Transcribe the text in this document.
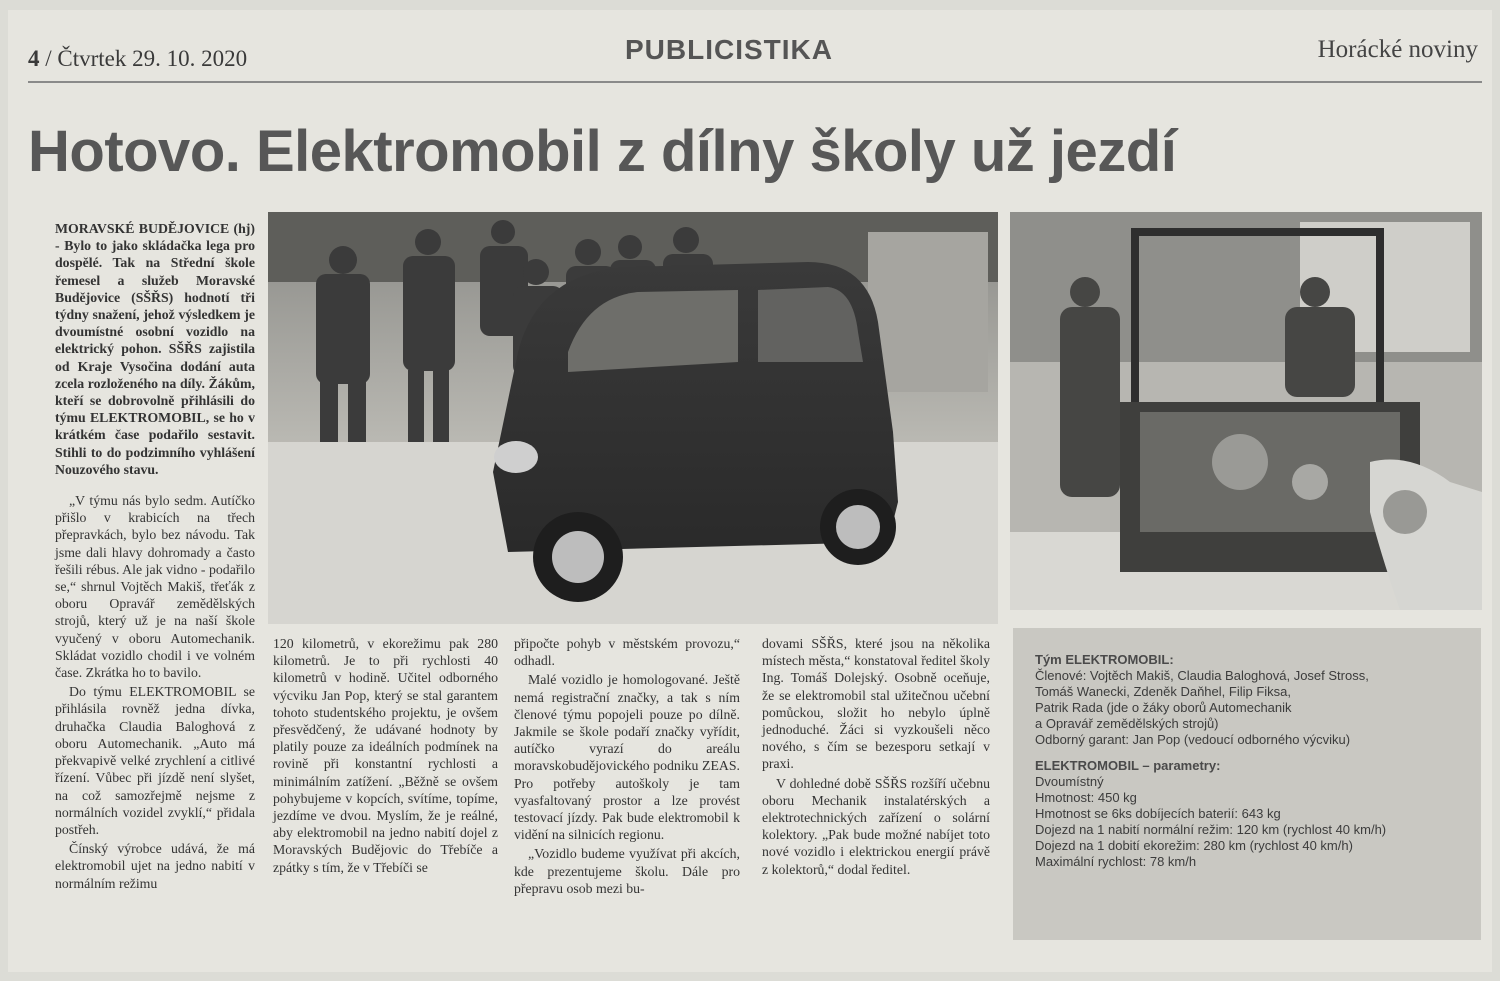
4 / Čtvrtek 29. 10. 2020	PUBLICISTIKA	Horácké noviny
Hotovo. Elektromobil z dílny školy už jezdí

MORAVSKÉ BUDĚJOVICE (hj) - Bylo to jako skládačka lega pro dospělé. Tak na Střední škole řemesel a služeb Moravské Budějovice (SŠŘS) hodnotí tři týdny snažení, jehož výsledkem je dvoumístné osobní vozidlo na elektrický pohon. SŠŘS zajistila od Kraje Vysočina dodání auta zcela rozloženého na díly. Žákům, kteří se dobrovolně přihlásili do týmu ELEKTROMOBIL, se ho v krátkém čase podařilo sestavit. Stihli to do podzimního vyhlášení Nouzového stavu.

„V týmu nás bylo sedm. Autíčko přišlo v krabicích na třech přepravkách, bylo bez návodu. Tak jsme dali hlavy dohromady a často řešili rébus. Ale jak vidno - podařilo se,“ shrnul Vojtěch Makiš, třeťák z oboru Opravář zemědělských strojů, který už je na naší škole vyučený v oboru Automechanik. Skládat vozidlo chodil i ve volném čase. Zkrátka ho to bavilo.

Do týmu ELEKTROMOBIL se přihlásila rovněž jedna dívka, druhačka Claudia Baloghová z oboru Automechanik. „Auto má překvapivě velké zrychlení a citlivé řízení. Vůbec při jízdě není slyšet, na což samozřejmě nejsme z normálních vozidel zvyklí,“ přidala postřeh.

Čínský výrobce udává, že má elektromobil ujet na jedno nabití v normálním režimu

120 kilometrů, v ekorežimu pak 280 kilometrů. Je to při rychlosti 40 kilometrů v hodině. Učitel odborného výcviku Jan Pop, který se stal garantem tohoto studentského projektu, je ovšem přesvědčený, že udávané hodnoty by platily pouze za ideálních podmínek na rovině při konstantní rychlosti a minimálním zatížení. „Běžně se ovšem pohybujeme v kopcích, svítíme, topíme, jezdíme ve dvou. Myslím, že je reálné, aby elektromobil na jedno nabití dojel z Moravských Budějovic do Třebíče a zpátky s tím, že v Třebíči se

připočte pohyb v městském provozu,“ odhadl.

Malé vozidlo je homologované. Ještě nemá registrační značky, a tak s ním členové týmu popojeli pouze po dílně. Jakmile se škole podaří značky vyřídit, autíčko vyrazí do areálu moravskobudějovického podniku ZEAS. Pro potřeby autoškoly je tam vyasfaltovaný prostor a lze provést testovací jízdy. Pak bude elektromobil k vidění na silnicích regionu.

„Vozidlo budeme využívat při akcích, kde prezentujeme školu. Dále pro přepravu osob mezi bu-

dovami SŠŘS, které jsou na několika místech města,“ konstatoval ředitel školy Ing. Tomáš Dolejský. Osobně oceňuje, že se elektromobil stal užitečnou učební pomůckou, složit ho nebylo úplně jednoduché. Žáci si vyzkoušeli něco nového, s čím se bezesporu setkají v praxi.

V dohledné době SŠŘS rozšíří učebnu oboru Mechanik instalatérských a elektrotechnických zařízení o solární kolektory. „Pak bude možné nabíjet toto nové vozidlo i elektrickou energií právě z kolektorů,“ dodal ředitel.

Tým ELEKTROMOBIL:
Členové: Vojtěch Makiš, Claudia Baloghová, Josef Stross,
Tomáš Wanecki, Zdeněk Daňhel, Filip Fiksa,
Patrik Rada (jde o žáky oborů Automechanik
a Opravář zemědělských strojů)
Odborný garant: Jan Pop (vedoucí odborného výcviku)
ELEKTROMOBIL – parametry:
Dvoumístný
Hmotnost: 450 kg
Hmotnost se 6ks dobíjecích baterií: 643 kg
Dojezd na 1 nabití normální režim: 120 km (rychlost 40 km/h)
Dojezd na 1 dobití ekorežim: 280 km (rychlost 40 km/h)
Maximální rychlost: 78 km/h
